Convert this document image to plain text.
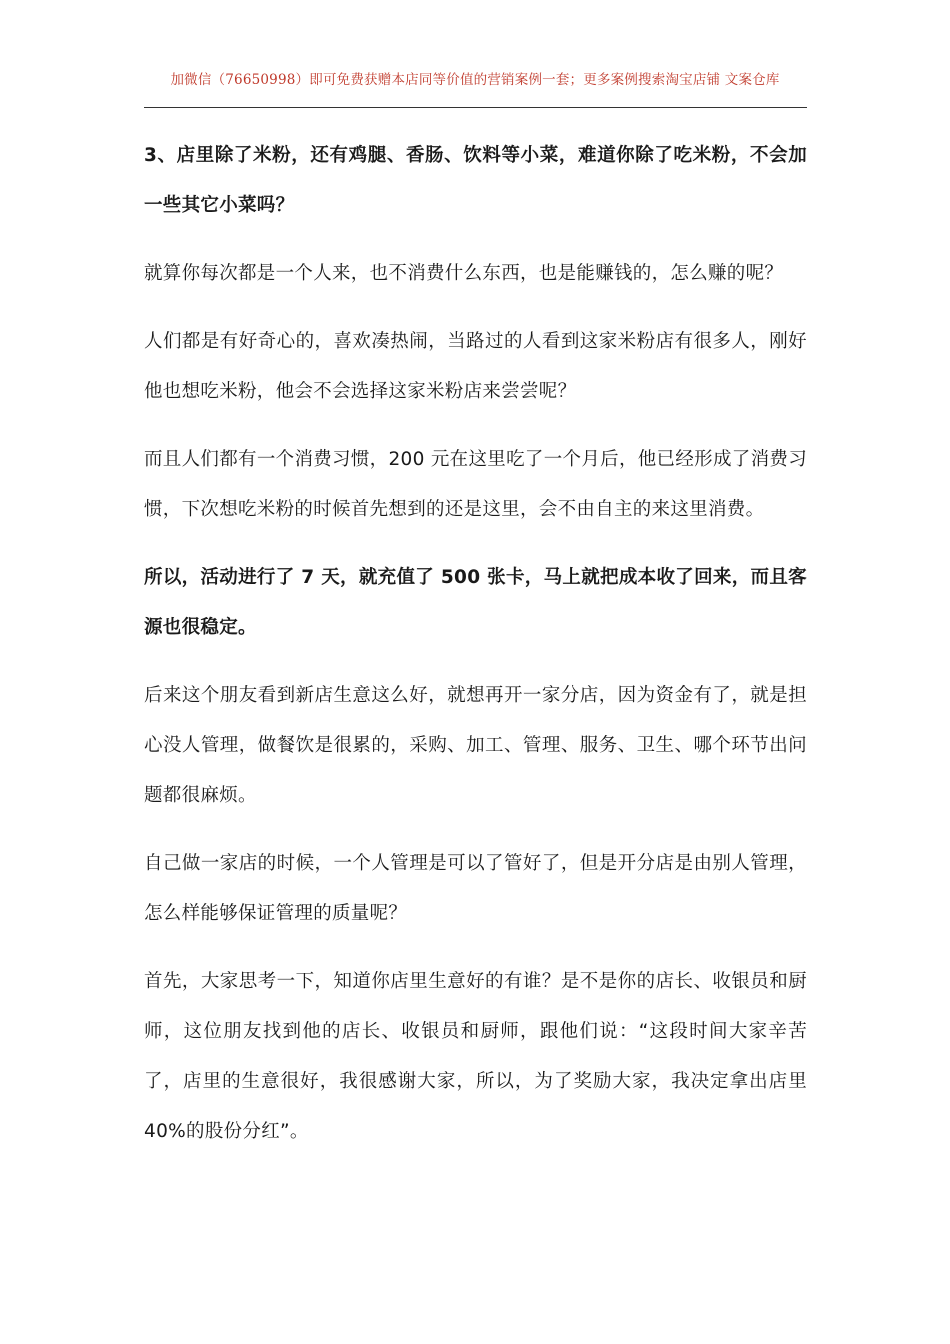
加微信（76650998）即可免费获赠本店同等价值的营销案例一套；更多案例搜索淘宝店铺 文案仓库

3、店里除了米粉，还有鸡腿、香肠、饮料等小菜，难道你除了吃米粉，不会加一些其它小菜吗？

就算你每次都是一个人来，也不消费什么东西，也是能赚钱的，怎么赚的呢？

人们都是有好奇心的，喜欢凑热闹，当路过的人看到这家米粉店有很多人，刚好他也想吃米粉，他会不会选择这家米粉店来尝尝呢？

而且人们都有一个消费习惯，200 元在这里吃了一个月后，他已经形成了消费习惯，下次想吃米粉的时候首先想到的还是这里，会不由自主的来这里消费。

所以，活动进行了 7 天，就充值了 500 张卡，马上就把成本收了回来，而且客源也很稳定。

后来这个朋友看到新店生意这么好，就想再开一家分店，因为资金有了，就是担心没人管理，做餐饮是很累的，采购、加工、管理、服务、卫生、哪个环节出问题都很麻烦。

自己做一家店的时候，一个人管理是可以了管好了，但是开分店是由别人管理，怎么样能够保证管理的质量呢？

首先，大家思考一下，知道你店里生意好的有谁？是不是你的店长、收银员和厨师，这位朋友找到他的店长、收银员和厨师，跟他们说：“这段时间大家辛苦了，店里的生意很好，我很感谢大家，所以，为了奖励大家，我决定拿出店里 40%的股份分红”。
